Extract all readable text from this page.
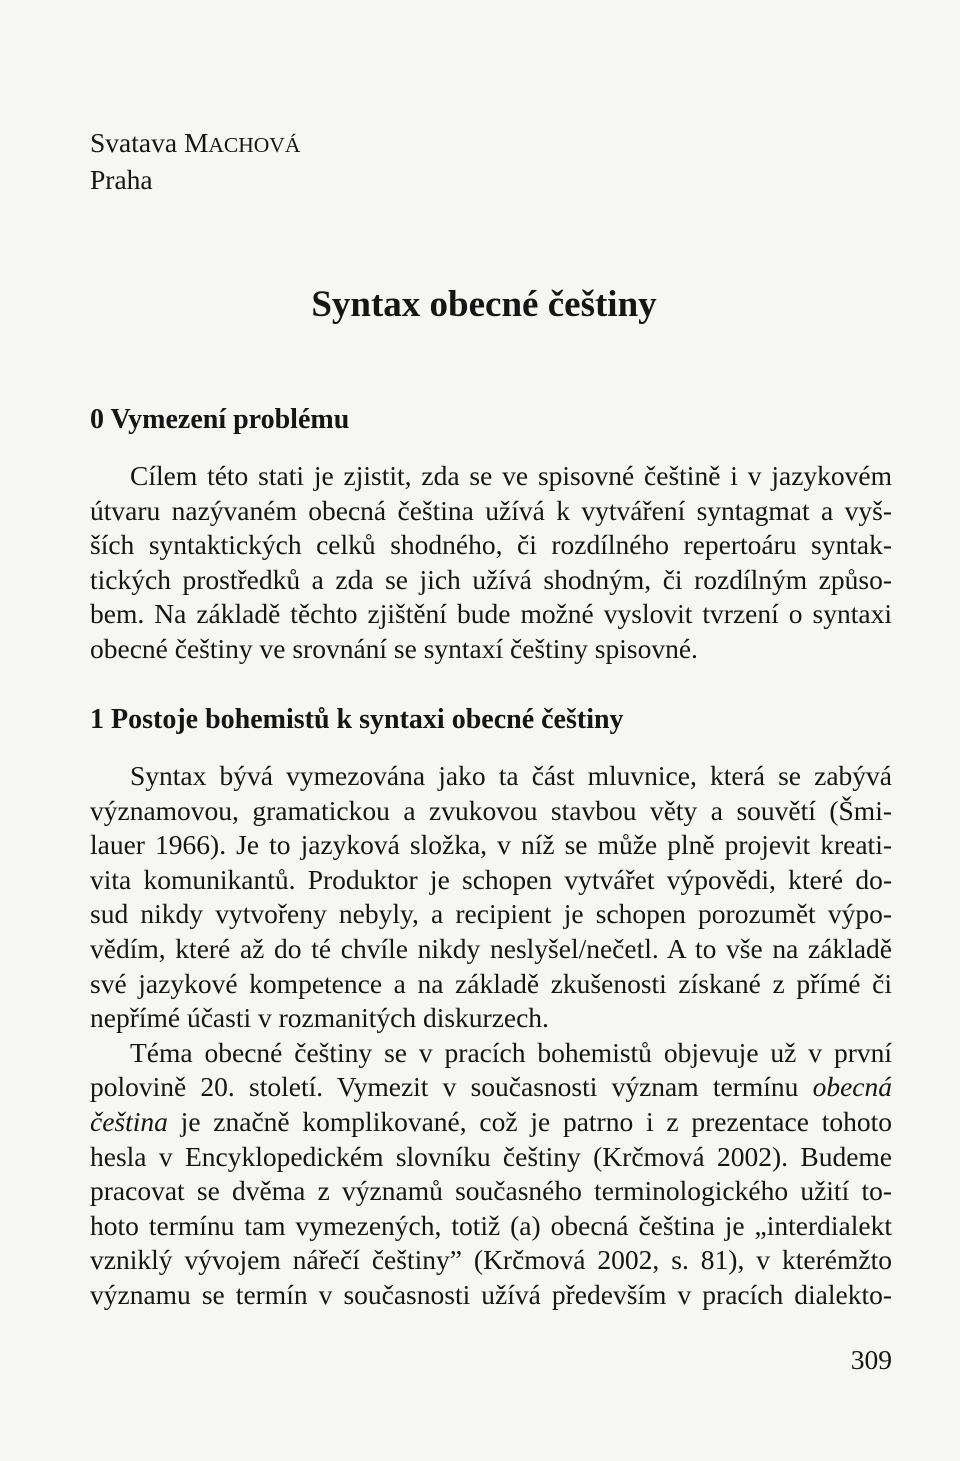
Svatava MACHOVÁ
Praha
Syntax obecné češtiny
0 Vymezení problému
Cílem této stati je zjistit, zda se ve spisovné češtině i v jazykovém
útvaru nazývaném obecná čeština užívá k vytváření syntagmat a vyš-
ších syntaktických celků shodného, či rozdílného repertoáru syntak-
tických prostředků a zda se jich užívá shodným, či rozdílným způso-
bem. Na základě těchto zjištění bude možné vyslovit tvrzení o syntaxi
obecné češtiny ve srovnání se syntaxí češtiny spisovné.
1 Postoje bohemistů k syntaxi obecné češtiny
Syntax bývá vymezována jako ta část mluvnice, která se zabývá
významovou, gramatickou a zvukovou stavbou věty a souvětí (Šmi-
lauer 1966). Je to jazyková složka, v níž se může plně projevit kreati-
vita komunikantů. Produktor je schopen vytvářet výpovědi, které do-
sud nikdy vytvořeny nebyly, a recipient je schopen porozumět výpo-
vědím, které až do té chvíle nikdy neslyšel/nečetl. A to vše na základě
své jazykové kompetence a na základě zkušenosti získané z přímé či
nepřímé účasti v rozmanitých diskurzech.
Téma obecné češtiny se v pracích bohemistů objevuje už v první
polovině 20. století. Vymezit v současnosti význam termínu obecná
čeština je značně komplikované, což je patrno i z prezentace tohoto
hesla v Encyklopedickém slovníku češtiny (Krčmová 2002). Budeme
pracovat se dvěma z významů současného terminologického užití to-
hoto termínu tam vymezených, totiž (a) obecná čeština je „interdialekt
vzniklý vývojem nářečí češtiny” (Krčmová 2002, s. 81), v kterémžto
významu se termín v současnosti užívá především v pracích dialekto-
309
